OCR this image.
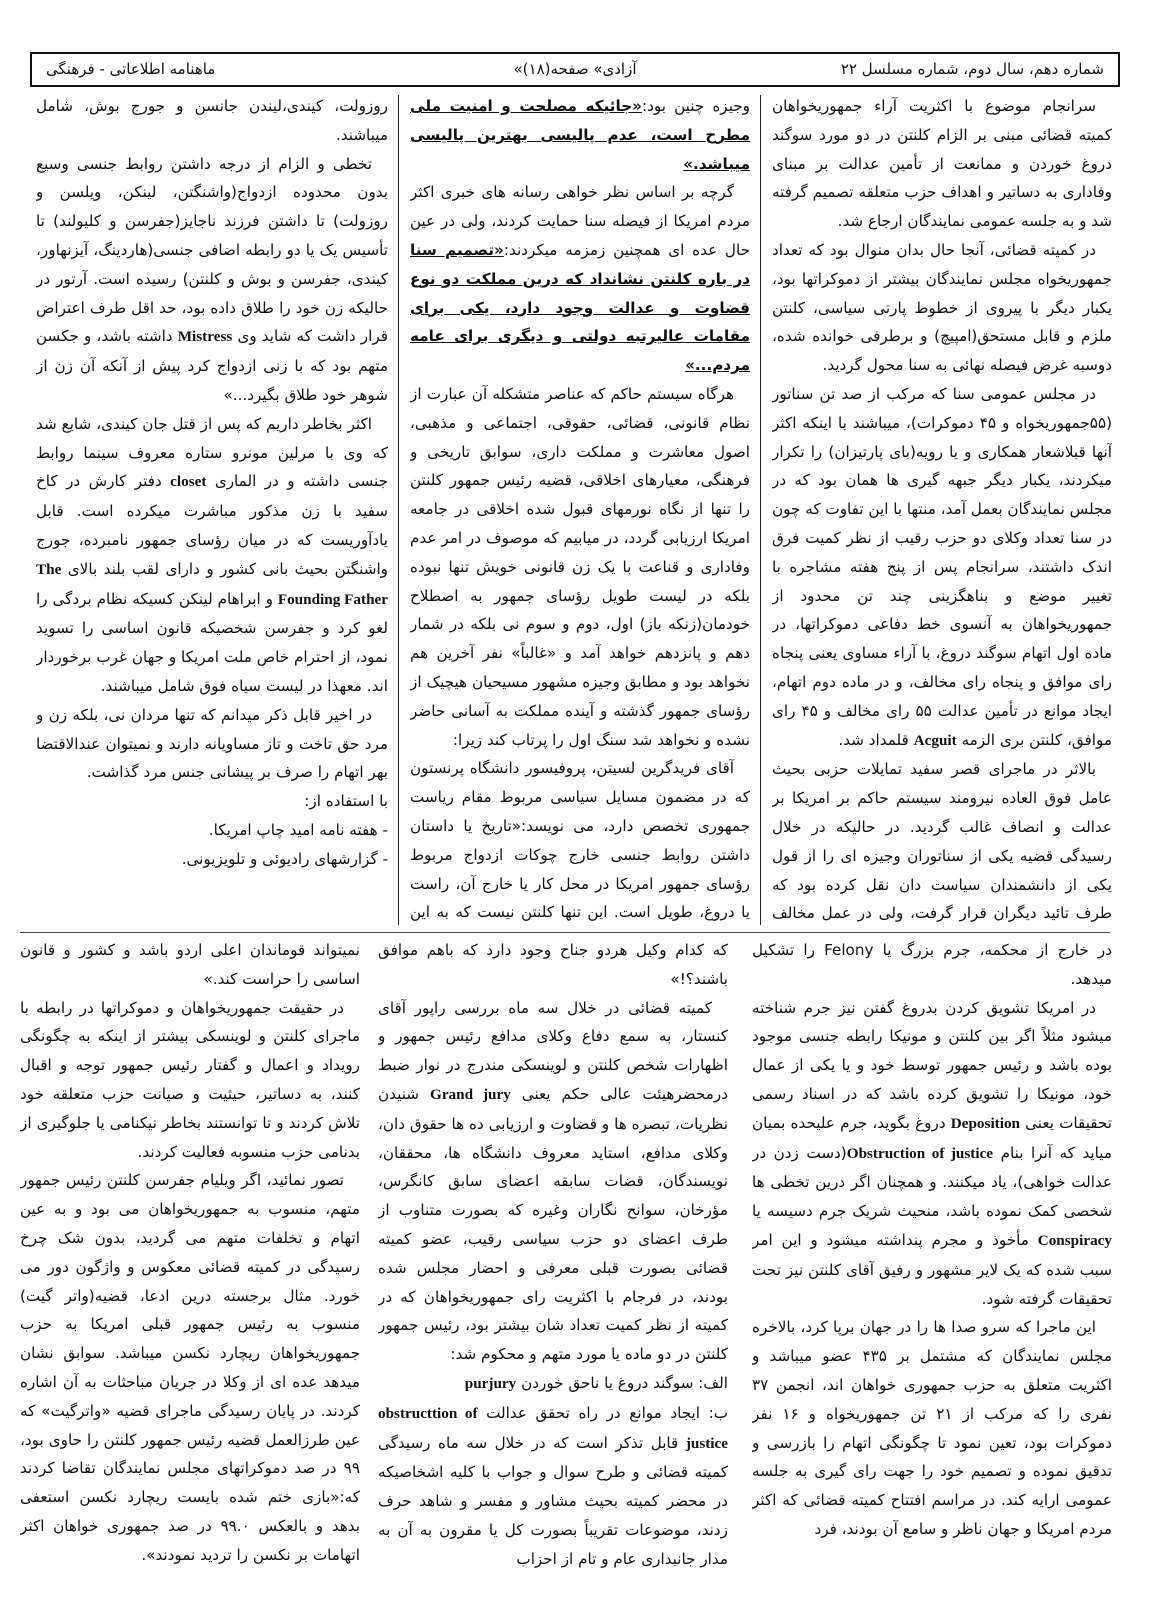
شماره دهم، سال دوم، شماره مسلسل ۲۲
«آزادی» صفحه(۱۸)
ماهنامه اطلاعاتی - فرهنگی

سرانجام موضوع با اکثریت آراء جمهوریخواهان کمیته قضائی مبنی بر الزام کلنتن در دو مورد سوگند دروغ خوردن و ممانعت از تأمین عدالت بر مبنای وفاداری به دساتیر و اهداف حزب متعلقه تصمیم گرفته شد و به جلسه عمومی نمایندگان ارجاع شد.

در کمیته قضائی، آنجا حال بدان منوال بود که تعداد جمهوریخواه مجلس نمایندگان بیشتر از دموکراتها بود، یکبار دیگر با پیروی از خطوط پارتی سیاسی، کلنتن ملزم و قابل مستحق(امپیچ) و برطرفی خوانده شده، دوسبه غرض فیصله نهائی به سنا محول گردید.

در مجلس عمومی سنا که مرکب از صد تن سناتور (۵۵جمهوریخواه و ۴۵ دموکرات)، میباشند با اینکه اکثر آنها قبلاشعار همکاری و یا رویه(بای پارتیزان) را تکرار میکردند، یکبار دیگر جبهه گیری ها همان بود که در مجلس نمایندگان بعمل آمد، منتها با این تفاوت که چون در سنا تعداد وکلای دو حزب رقیب از نظر کمیت فرق اندک داشتند، سرانجام پس از پنج هفته مشاجره با تغییر موضع و بناهگزینی چند تن محدود از جمهوریخواهان به آنسوی خط دفاعی دموکراتها، در ماده اول اتهام سوگند دروغ، با آراء مساوی یعنی پنجاه رای موافق و پنجاه رای مخالف، و در ماده دوم اتهام، ایجاد موانع در تأمین عدالت ۵۵ رای مخالف و ۴۵ رای موافق، کلنتن بری الزمه Acguit قلمداد شد.

بالاثر در ماجرای قصر سفید تمایلات حزبی بحیث عامل فوق العاده نیرومند سیستم حاکم بر امریکا بر عدالت و انصاف غالب گردید. در حالیکه در خلال رسیدگی قضیه یکی از سناتوران وجیزه ای را از قول یکی از دانشمندان سیاست دان نقل کرده بود که طرف تائید دیگران قرار گرفت، ولی در عمل مخالف

وجیزه چنین بود:«جائیکه مصلحت و امنیت ملی مطرح است، عدم پالیسی بهترین پالیسی میباشد.»

گرچه بر اساس نظر خواهی رسانه های خبری اکثر مردم امریکا از فیصله سنا حمایت کردند، ولی در عین حال عده ای همچنین زمزمه میکردند:«تصمیم سنا در باره کلنتن نشانداد که درین مملکت دو نوع قضاوت و عدالت وجود دارد، یکی برای مقامات عالیرتبه دولتی و دیگری برای عامه مردم...»

هرگاه سیستم حاکم که عناصر متشکله آن عبارت از نظام قانونی، قضائی، حقوقی، اجتماعی و مذهبی، اصول معاشرت و مملکت داری، سوابق تاریخی و فرهنگی، معیارهای اخلاقی، قضیه رئیس جمهور کلنتن را تنها از نگاه نورمهای قبول شده اخلاقی در جامعه امریکا ارزیابی گردد، در میابیم که موصوف در امر عدم وفاداری و قناعت با یک زن قانونی خویش تنها نبوده بلکه در لیست طویل رؤسای جمهور به اصطلاح خودمان(زنکه باز) اول، دوم و سوم نی بلکه در شمار دهم و پانزدهم خواهد آمد و «غالباً» نفر آخرین هم نخواهد بود و مطابق وجیزه مشهور مسیحیان هیچیک از رؤسای جمهور گذشته و آینده مملکت به آسانی حاضر نشده و نخواهد شد سنگ اول را پرتاب کند زیرا:

آقای فریدگرین لسیتن، پروفیسور دانشگاه پرنستون که در مضمون مسایل سیاسی مربوط مقام ریاست جمهوری تخصص دارد، می نویسد:«تاریخ یا داستان داشتن روابط جنسی خارج چوکات ازدواج مربوط رؤسای جمهور امریکا در محل کار یا خارج آن، راست یا دروغ، طویل است. این تنها کلنتن نیست که به این

روزولت، کیندی،لیندن جانسن و جورج بوش، شامل میباشند.

تخطی و الزام از درجه داشتن روابط جنسی وسیع بدون محدوده ازدواج(واشنگتن، لینکن، ویلسن و روزولت) تا داشتن فرزند ناجایز(جفرسن و کلیولند) تا تأسیس یک یا دو رابطه اضافی جنسی(هاردینگ، آیزنهاور، کیندی، جفرسن و بوش و کلنتن) رسیده است. آرتور در حالیکه زن خود را طلاق داده بود، حد اقل طرف اعتراض قرار داشت که شاید وی Mistress داشته باشد، و جکسن متهم بود که با زنی ازدواج کرد پیش از آنکه آن زن از شوهر خود طلاق بگیرد...»

اکثر بخاطر داریم که پس از قتل جان کیندی، شایع شد که وی با مرلین مونرو ستاره معروف سینما روابط جنسی داشته و در المارى closet دفتر کارش در کاخ سفید با زن مذکور مباشرت میکرده است. قابل یادآوریست که در میان رؤسای جمهور نامبرده، جورج واشنگتن بحیث بانی کشور و دارای لقب بلند بالای The Founding Father و ابراهام لینکن کسیکه نظام بردگی را لغو کرد و جفرسن شخصیکه قانون اساسی را تسوید نمود، از احترام خاص ملت امریکا و جهان غرب برخوردار اند. معهذا در لیست سیاه فوق شامل میباشند.

در اخیر قابل ذکر میدانم که تنها مردان نی، بلکه زن و مرد حق تاخت و تاز مساویانه دارند و نمیتوان عندالاقتضا بهر اتهام را صرف بر پیشانی جنس مرد گذاشت.

با استفاده از:

- هفته نامه امید چاپ امریکا.

- گزارشهای رادیوئی و تلویزیونی.

در خارج از محکمه، جرم بزرگ یا Felony را تشکیل میدهد.

در امریکا تشویق کردن بدروغ گفتن نیز جرم شناخته میشود مثلاً اگر بین کلنتن و مونیکا رابطه جنسی موجود بوده باشد و رئیس جمهور توسط خود و یا یکی از عمال خود، مونیکا را تشویق کرده باشد که در اسناد رسمی تحقیقات یعنی Deposition دروغ بگوید، جرم علیحده بمیان میاید که آنرا بنام Obstruction of justice(دست زدن در عدالت خواهی)، یاد میکنند. و همچنان اگر درین تخطی ها شخصی کمک نموده باشد، منحیث شریک جرم دسیسه یا Conspiracy مأخوذ و مجرم پنداشته میشود و این امر سبب شده که یک لایر مشهور و رفیق آقای کلنتن نیز تحت تحقیقات گرفته شود.

این ماجرا که سرو صدا ها را در جهان برپا کرد، بالاخره مجلس نمایندگان که مشتمل بر ۴۳۵ عضو میباشد و اکثریت متعلق به حزب جمهوری خواهان اند، انجمن ۳۷ نفری را که مرکب از ۲۱ تن جمهوریخواه و ۱۶ نفر دموکرات بود، تعین نمود تا چگونگی اتهام را بازرسی و تدقیق نموده و تصمیم خود را جهت رای گیری به جلسه عمومی ارایه کند. در مراسم افتتاح کمیته قضائی که اکثر مردم امریکا و جهان ناظر و سامع آن بودند، فرد

که کدام وکیل هردو جناح وجود دارد که باهم موافق باشند؟!»

کمیته قضائی در خلال سه ماه بررسی راپور آقای کنستار، به سمع دفاع وکلای مدافع رئیس جمهور و اظهارات شخص کلنتن و لوینسکی مندرج در نوار ضبط درمحضرهیئت عالی حکم یعنی Grand jury شنیدن نظریات، تبصره ها و قضاوت و ارزیابی ده ها حقوق دان، وکلای مدافع، استاید معروف دانشگاه ها، محققان، نویسندگان، قضات سابقه اعضای سابق کانگرس، مؤرخان، سوانح نگاران وغیره که بصورت متناوب از طرف اعضای دو حزب سیاسی رقیب، عضو کمیته قضائی بصورت قبلی معرفی و احضار مجلس شده بودند، در فرجام با اکثریت رای جمهوریخواهان که در کمیته از نظر کمیت تعداد شان بیشتر بود، رئیس جمهور کلنتن در دو ماده یا مورد متهم و محکوم شد:

الف: سوگند دروغ یا ناحق خوردن purjury

ب: ایجاد موانع در راه تحقق عدالت obstructtion of justice قابل تذکر است که در خلال سه ماه رسیدگی کمیته قضائی و طرح سوال و جواب با کلیه اشخاصیکه در محضر کمیته بحیث مشاور و مفسر و شاهد حرف زدند، موضوعات تقریباً بصورت کل یا مقرون به آن به مدار جانبداری عام و تام از احزاب

نمیتواند قوماندان اعلی اردو باشد و کشور و قانون اساسی را حراست کند.»

در حقیقت جمهوریخواهان و دموکراتها در رابطه با ماجرای کلنتن و لوینسکی بیشتر از اینکه به چگونگی رویداد و اعمال و گفتار رئیس جمهور توجه و اقبال کنند، به دساتیر، حیثیت و صیانت حزب متعلقه خود تلاش کردند و تا توانستند بخاطر نیکنامی یا جلوگیری از بدنامی حزب منسوبه فعالیت کردند.

تصور نمائید، اگر ویلیام جفرسن کلنتن رئیس جمهور متهم، منسوب به جمهوریخواهان می بود و به عین اتهام و تخلفات متهم می گردید، بدون شک چرخ رسیدگی در کمیته قضائی معکوس و واژگون دور می خورد. مثال برجسته درین ادعا، قضیه(واتر گیت) منسوب به رئیس جمهور قبلی امریکا به حزب جمهوریخواهان ریچارد نکسن میباشد. سوابق نشان میدهد عده ای از وکلا در جریان مباحثات به آن اشاره کردند. در پایان رسیدگی ماجرای قضیه «واترگیت» که عین طرزالعمل قضیه رئیس جمهور کلنتن را حاوی بود، ۹۹ در صد دموکراتهای مجلس نمایندگان تقاضا کردند که:«بازی ختم شده بایست ریچارد نکسن استعفی بدهد و بالعکس ۹۹.۰ در صد جمهوری خواهان اکثر اتهامات بر نکسن را تردید نمودند».
